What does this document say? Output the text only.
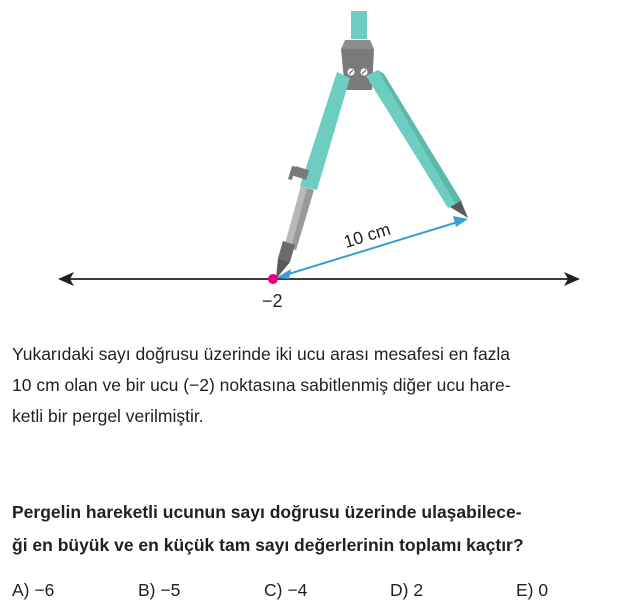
10 cm
−2

Yukarıdaki sayı doğrusu üzerinde iki ucu arası mesafesi en fazla

10 cm olan ve bir ucu (−2) noktasına sabitlenmiş diğer ucu hare-

ketli bir pergel verilmiştir.

Pergelin hareketli ucunun sayı doğrusu üzerinde ulaşabilece-

ği en büyük ve en küçük tam sayı değerlerinin toplamı kaçtır?

A) −6	B) −5	C) −4	D) 2	E) 0
